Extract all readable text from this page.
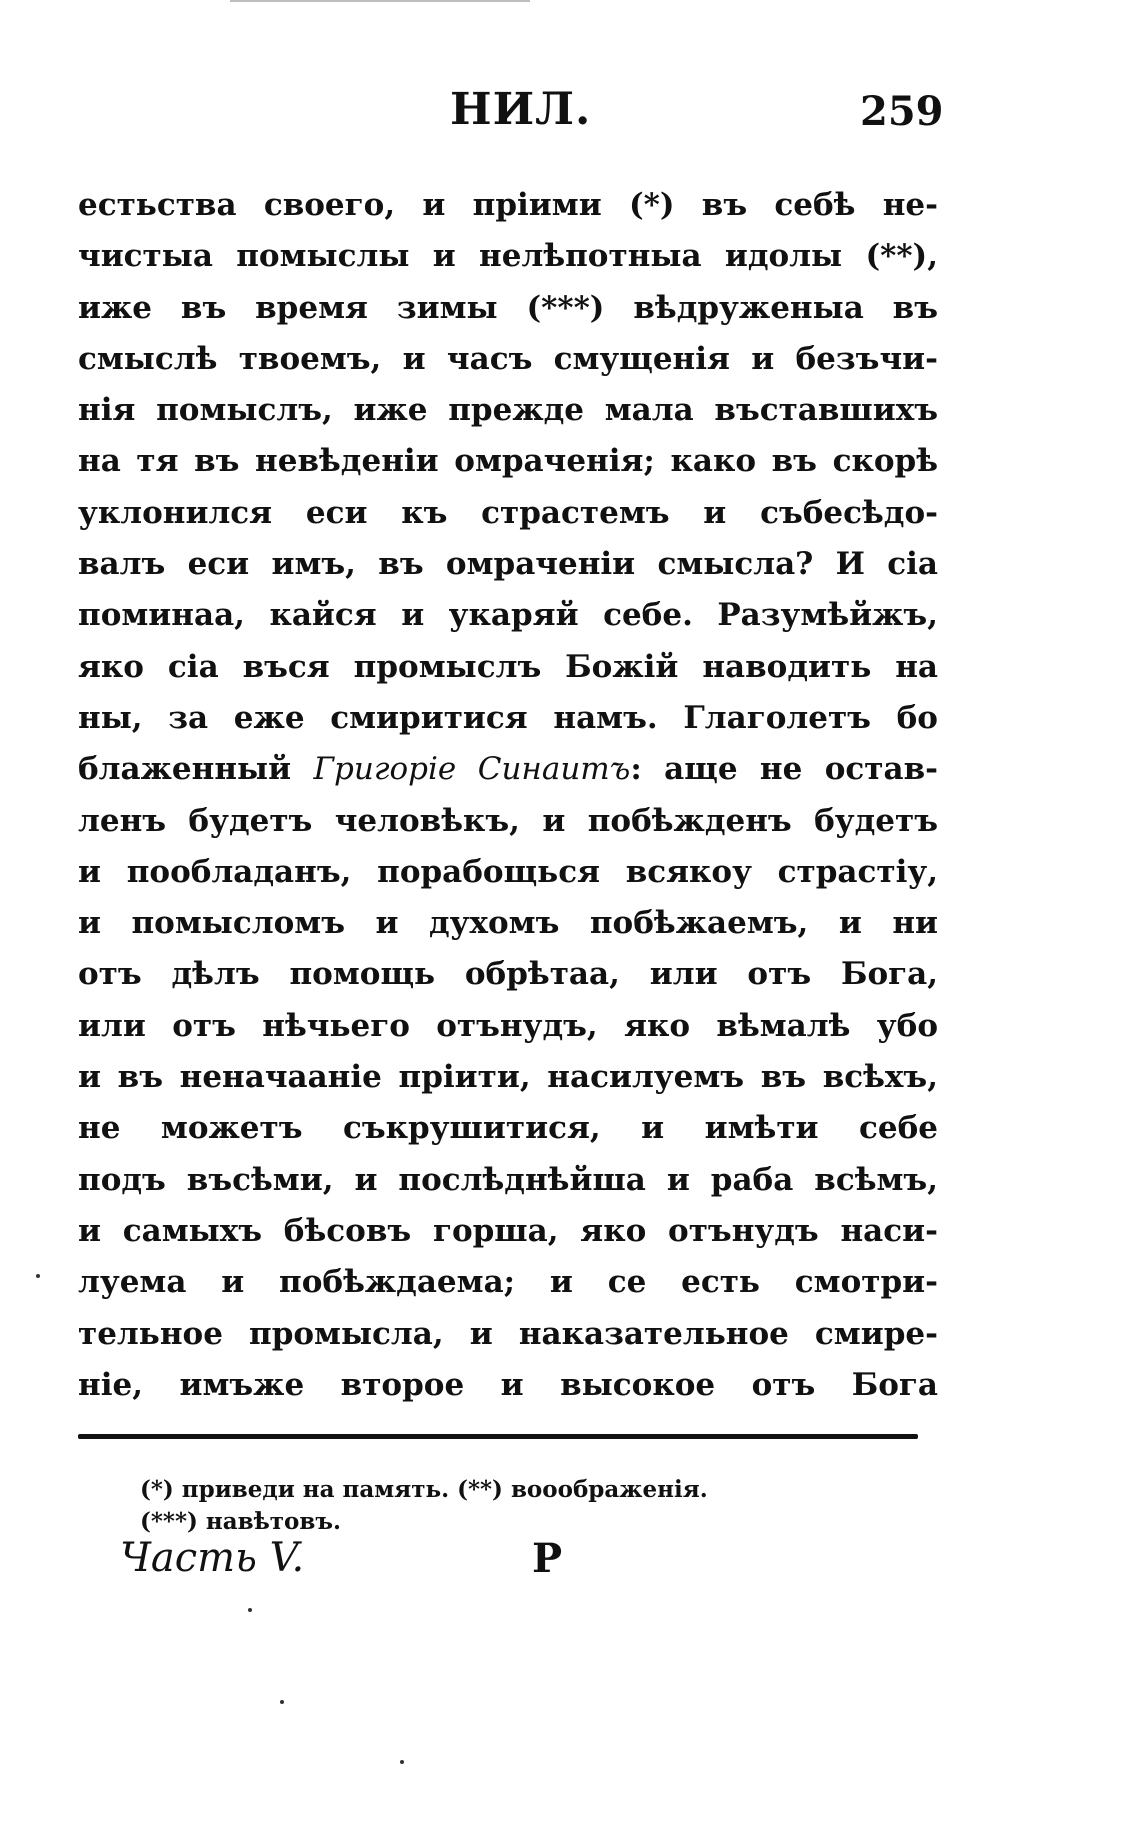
НИЛ.	259
естьства своего, и пріими (*) въ себѣ не-
чистыа помыслы и нелѣпотныа идолы (**),
иже въ время зимы (***) вѣдруженыа въ
смыслѣ твоемъ, и часъ смущенія и безъчи-
нія помыслъ, иже прежде мала въставшихъ
на тя въ невѣденіи омраченія; како въ скорѣ
уклонился еси къ страстемъ и събесѣдо-
валъ еси имъ, въ омраченіи смысла? И сіа
поминаа, кайся и укаряй себе. Разумѣйжъ,
яко сіа въся промыслъ Божій наводить на
ны, за еже смиритися намъ. Глаголетъ бо
блаженный Григоріе Синаитъ: аще не остав-
ленъ будетъ человѣкъ, и побѣжденъ будетъ
и пообладанъ, порабощься всякоу страстіу,
и помысломъ и духомъ побѣжаемъ, и ни
отъ дѣлъ помощь обрѣтаа, или отъ Бога,
или отъ нѣчьего отънудъ, яко вѣмалѣ убо
и въ неначааніе пріити, насилуемъ въ всѣхъ,
не можетъ съкрушитися, и имѣти себе
подъ въсѣми, и послѣднѣйша и раба всѣмъ,
и самыхъ бѣсовъ горша, яко отънудъ наси-
луема и побѣждаема; и се есть смотри-
тельное промысла, и наказательное смире-
ніе, имъже второе и высокое отъ Бога
(*) приведи на память. (**) вооображенія.
(***) навѣтовъ.
Часть V.	Р
